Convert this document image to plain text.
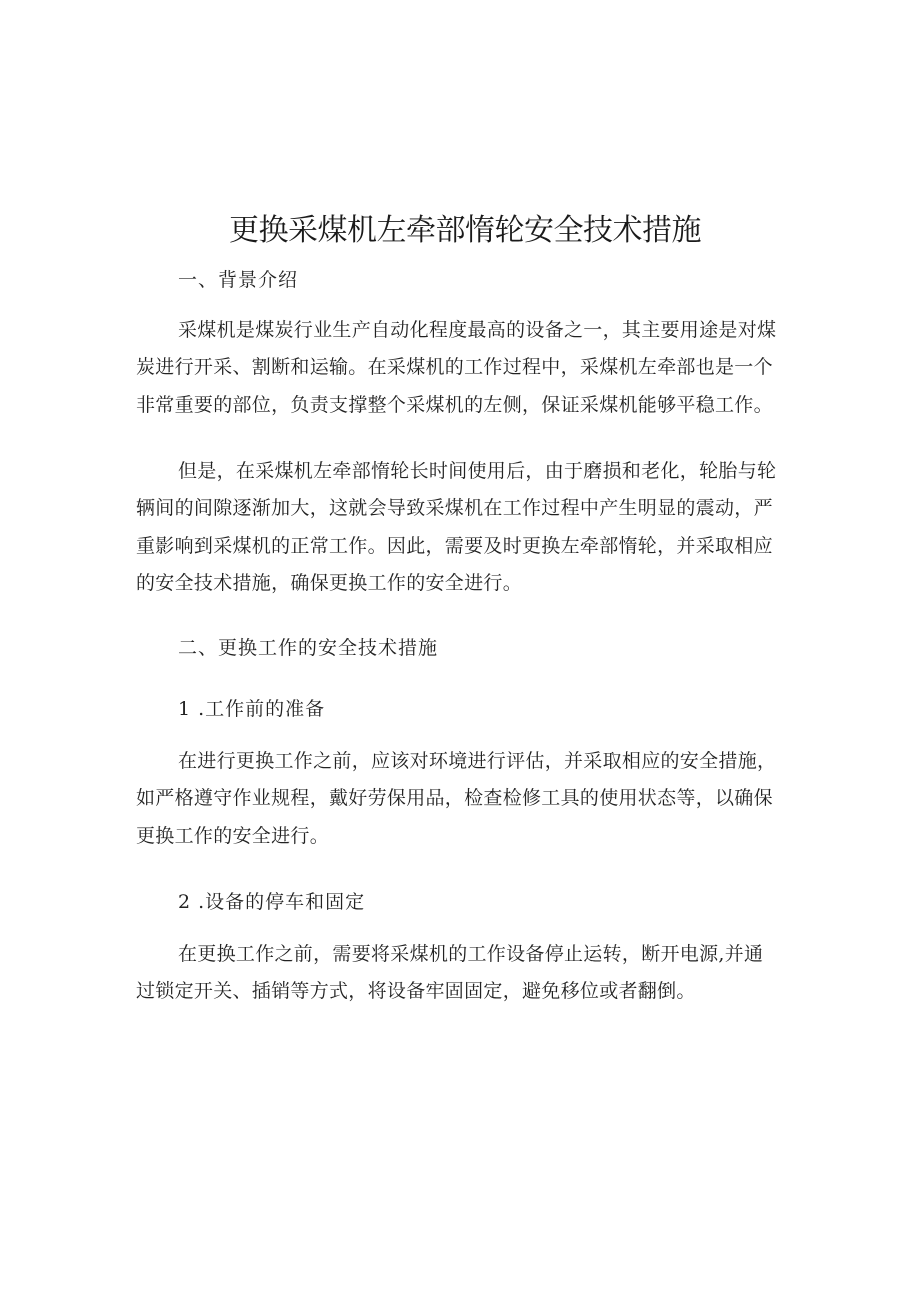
更换采煤机左牵部惰轮安全技术措施
一、背景介绍
采煤机是煤炭行业生产自动化程度最高的设备之一，其主要用途是对煤
炭进行开采、割断和运输。在采煤机的工作过程中，采煤机左牵部也是一个
非常重要的部位，负责支撑整个采煤机的左侧，保证采煤机能够平稳工作。
但是，在采煤机左牵部惰轮长时间使用后，由于磨损和老化，轮胎与轮
辆间的间隙逐渐加大，这就会导致采煤机在工作过程中产生明显的震动，严
重影响到采煤机的正常工作。因此，需要及时更换左牵部惰轮，并采取相应
的安全技术措施，确保更换工作的安全进行。
二、更换工作的安全技术措施
1 .工作前的准备
在进行更换工作之前，应该对环境进行评估，并采取相应的安全措施，
如严格遵守作业规程，戴好劳保用品，检查检修工具的使用状态等，以确保
更换工作的安全进行。
2 .设备的停车和固定
在更换工作之前，需要将采煤机的工作设备停止运转，断开电源,并通
过锁定开关、插销等方式，将设备牢固固定，避免移位或者翻倒。
